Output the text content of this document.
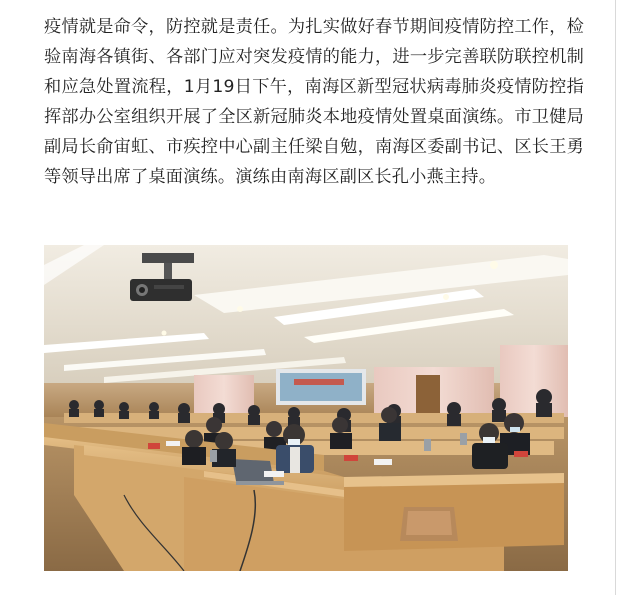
疫情就是命令，防控就是责任。为扎实做好春节期间疫情防控工作，检验南海各镇街、各部门应对突发疫情的能力，进一步完善联防联控机制和应急处置流程，1月19日下午，南海区新型冠状病毒肺炎疫情防控指挥部办公室组织开展了全区新冠肺炎本地疫情处置桌面演练。市卫健局副局长俞宙虹、市疾控中心副主任梁自勉，南海区委副书记、区长王勇等领导出席了桌面演练。演练由南海区副区长孔小燕主持。
